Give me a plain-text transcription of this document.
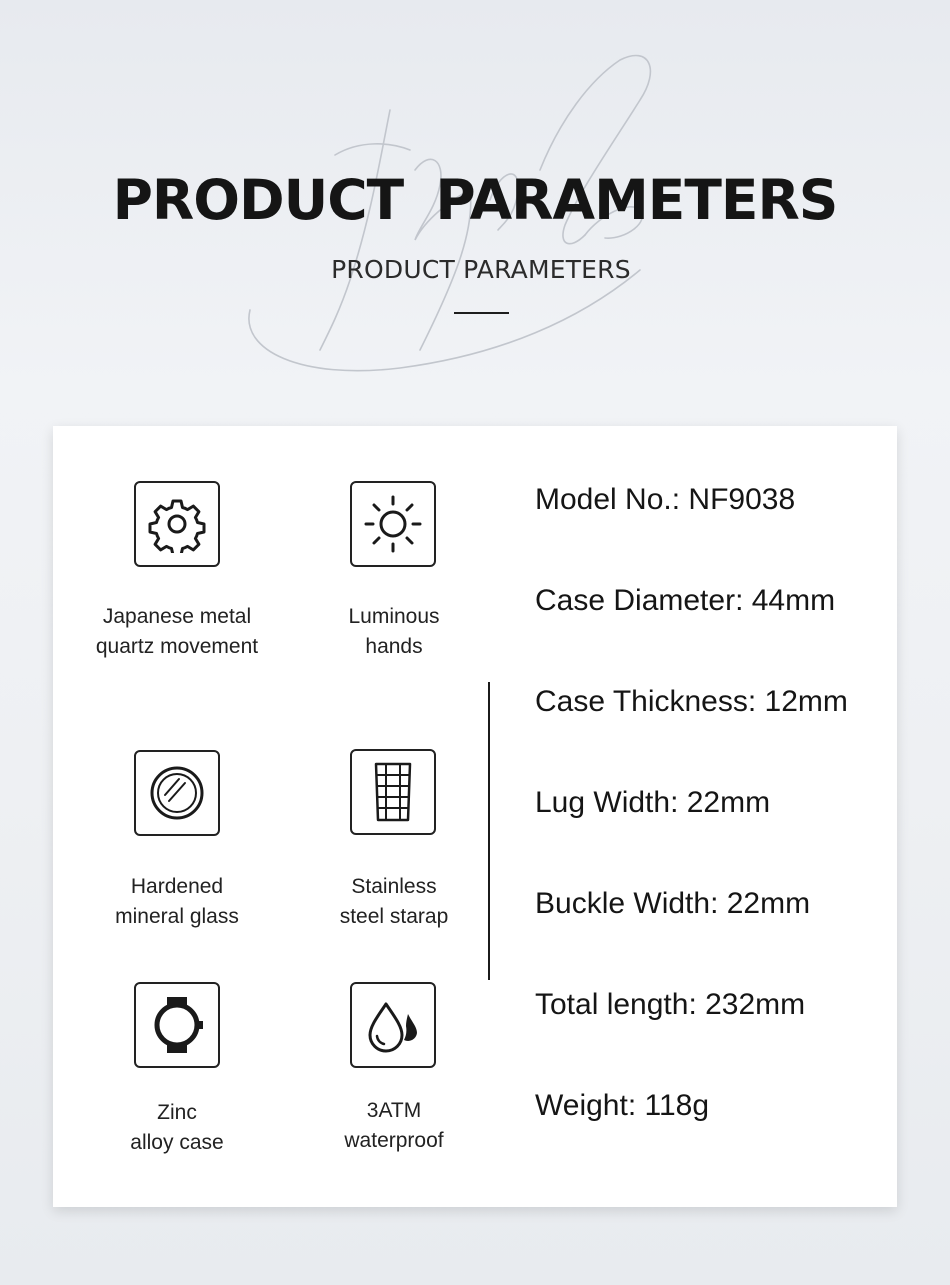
PRODUCT PARAMETERS
PRODUCT PARAMETERS
Japanese metal
quartz movement
Luminous
hands
Hardened
mineral glass
Stainless
steel starap
Zinc
alloy case
3ATM
waterproof
Model No.: NF9038
Case Diameter: 44mm
Case Thickness: 12mm
Lug Width: 22mm
Buckle Width: 22mm
Total length: 232mm
Weight: 118g
